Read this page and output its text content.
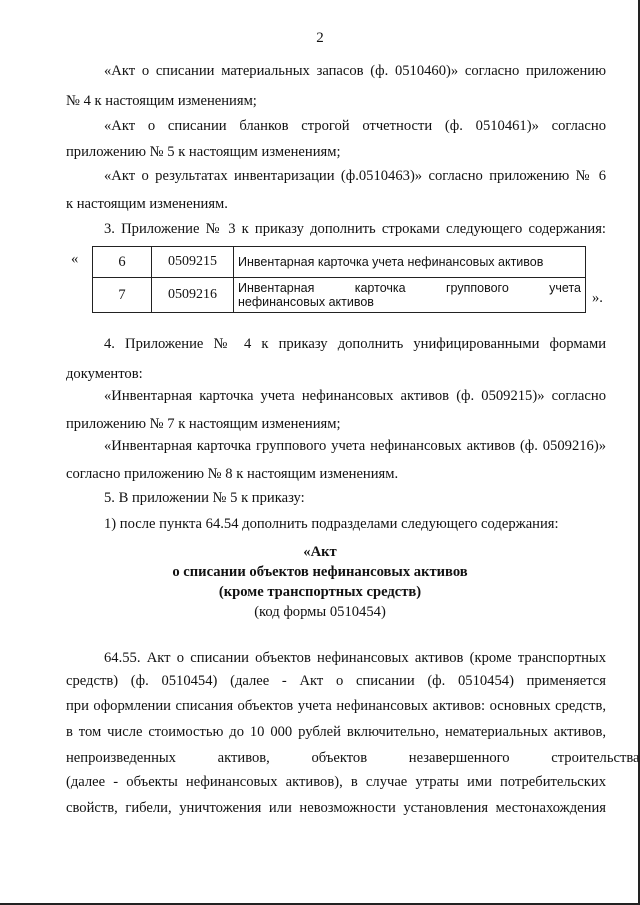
2
«Акт о списании материальных запасов (ф. 0510460)» согласно приложению
№ 4 к настоящим изменениям;
«Акт о списании бланков строгой отчетности (ф. 0510461)» согласно
приложению № 5 к настоящим изменениям;
«Акт о результатах инвентаризации (ф.0510463)» согласно приложению № 6
к настоящим изменениям.
3. Приложение № 3 к приказу дополнить строками следующего содержания:
«	6	0509215	Инвентарная карточка учета нефинансовых активов
7	0509216	Инвентарная карточка группового учета
нефинансовых активов	».
4. Приложение № 4 к приказу дополнить унифицированными формами
документов:
«Инвентарная карточка учета нефинансовых активов (ф. 0509215)» согласно
приложению № 7 к настоящим изменениям;
«Инвентарная карточка группового учета нефинансовых активов (ф. 0509216)»
согласно приложению № 8 к настоящим изменениям.
5. В приложении № 5 к приказу:
1) после пункта 64.54 дополнить подразделами следующего содержания:
«Акт
о списании объектов нефинансовых активов
(кроме транспортных средств)
(код формы 0510454)
64.55. Акт о списании объектов нефинансовых активов (кроме транспортных
средств) (ф. 0510454) (далее - Акт о списании (ф. 0510454) применяется
при оформлении списания объектов учета нефинансовых активов: основных средств,
в том числе стоимостью до 10 000 рублей включительно, нематериальных активов,
непроизведенных активов, объектов незавершенного строительства
(далее - объекты нефинансовых активов), в случае утраты ими потребительских
свойств, гибели, уничтожения или невозможности установления местонахождения
